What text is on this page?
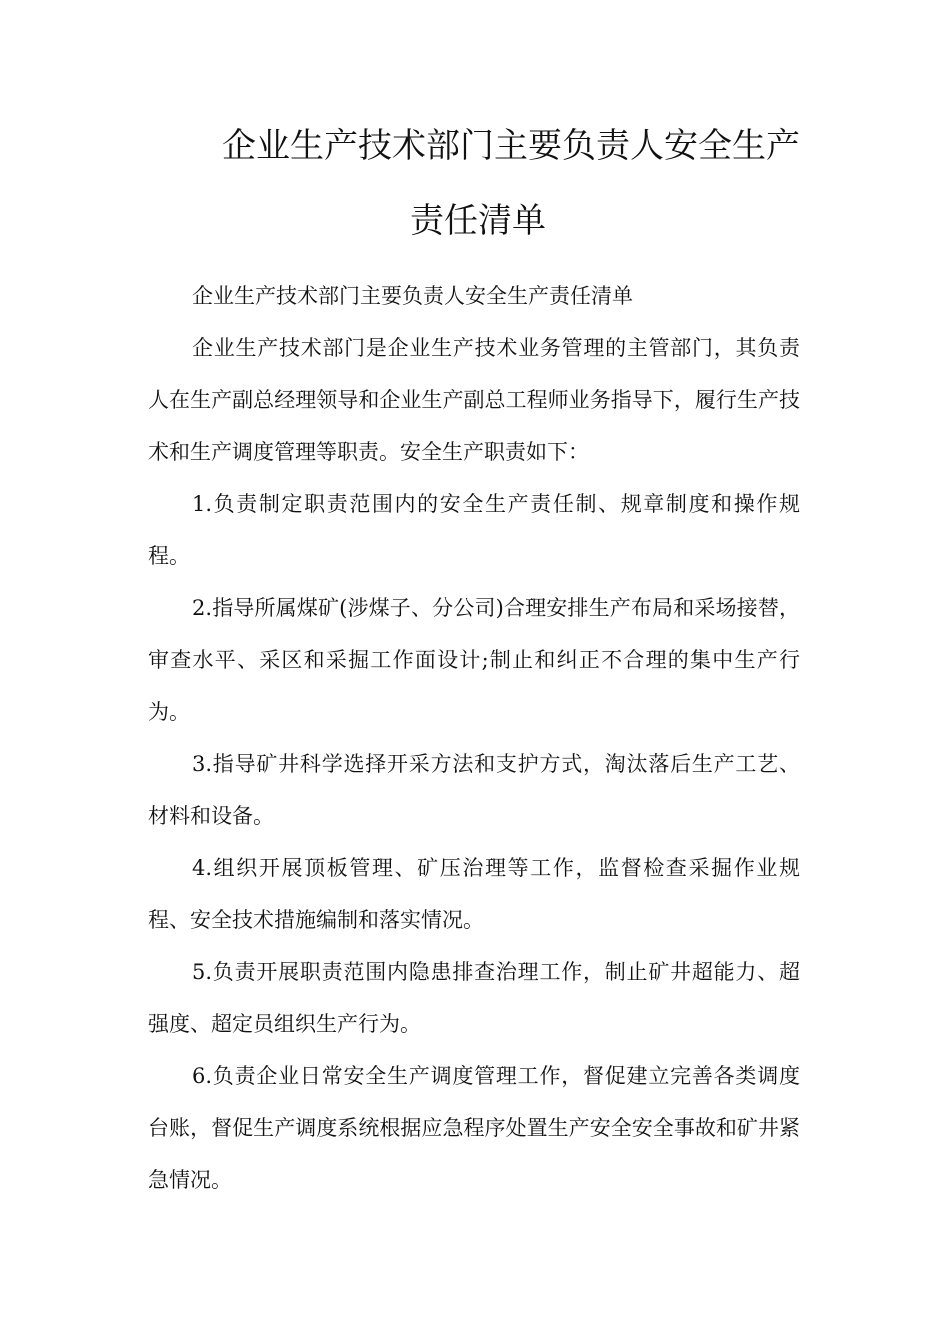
企业生产技术部门主要负责人安全生产
责任清单

企业生产技术部门主要负责人安全生产责任清单

企业生产技术部门是企业生产技术业务管理的主管部门，其负责人在生产副总经理领导和企业生产副总工程师业务指导下，履行生产技术和生产调度管理等职责。安全生产职责如下：

1.负责制定职责范围内的安全生产责任制、规章制度和操作规程。

2.指导所属煤矿(涉煤子、分公司)合理安排生产布局和采场接替，审查水平、采区和采掘工作面设计;制止和纠正不合理的集中生产行为。

3.指导矿井科学选择开采方法和支护方式，淘汰落后生产工艺、材料和设备。

4.组织开展顶板管理、矿压治理等工作，监督检查采掘作业规程、安全技术措施编制和落实情况。

5.负责开展职责范围内隐患排查治理工作，制止矿井超能力、超强度、超定员组织生产行为。

6.负责企业日常安全生产调度管理工作，督促建立完善各类调度台账，督促生产调度系统根据应急程序处置生产安全安全事故和矿井紧急情况。
